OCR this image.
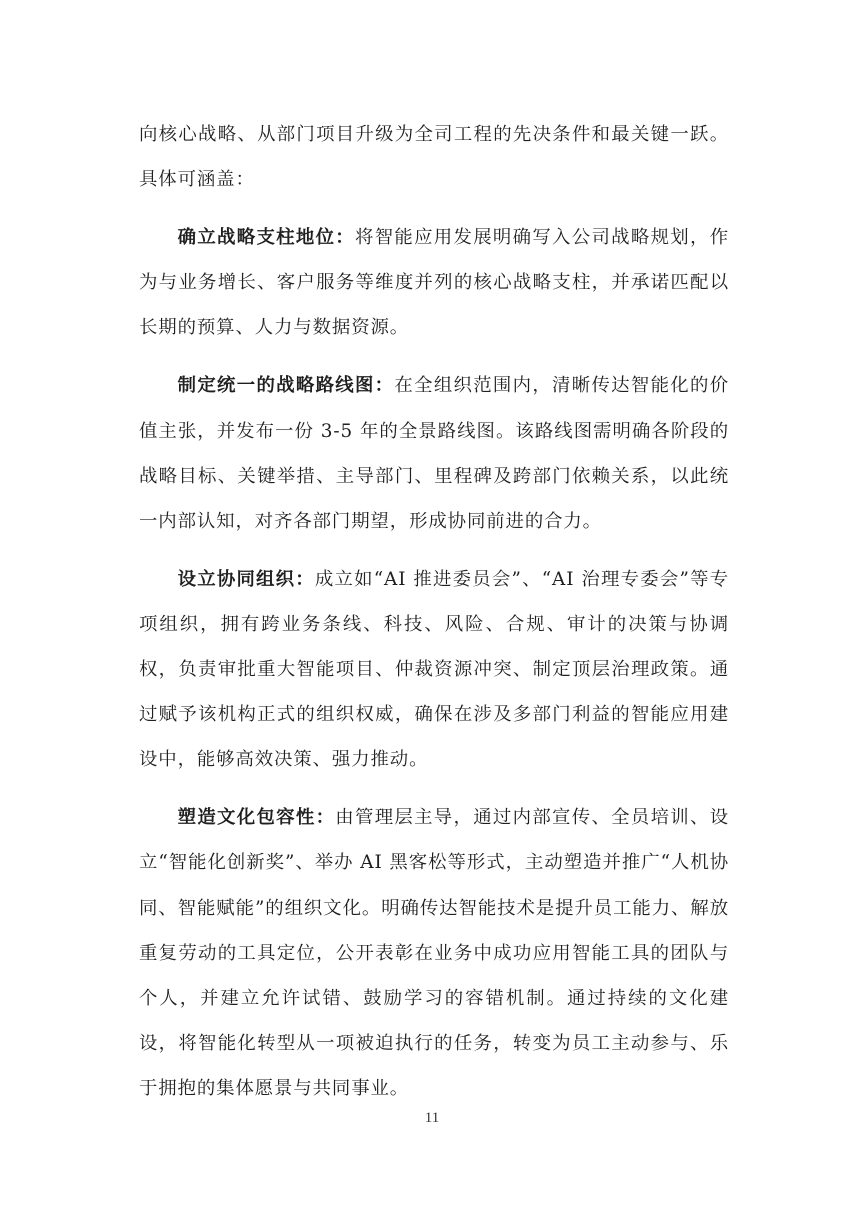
向核心战略、从部门项目升级为全司工程的先决条件和最关键一跃。具体可涵盖：

确立战略支柱地位：将智能应用发展明确写入公司战略规划，作为与业务增长、客户服务等维度并列的核心战略支柱，并承诺匹配以长期的预算、人力与数据资源。

制定统一的战略路线图：在全组织范围内，清晰传达智能化的价值主张，并发布一份 3-5 年的全景路线图。该路线图需明确各阶段的战略目标、关键举措、主导部门、里程碑及跨部门依赖关系，以此统一内部认知，对齐各部门期望，形成协同前进的合力。

设立协同组织：成立如“AI 推进委员会”、“AI 治理专委会”等专项组织，拥有跨业务条线、科技、风险、合规、审计的决策与协调权，负责审批重大智能项目、仲裁资源冲突、制定顶层治理政策。通过赋予该机构正式的组织权威，确保在涉及多部门利益的智能应用建设中，能够高效决策、强力推动。

塑造文化包容性：由管理层主导，通过内部宣传、全员培训、设立“智能化创新奖”、举办 AI 黑客松等形式，主动塑造并推广“人机协同、智能赋能”的组织文化。明确传达智能技术是提升员工能力、解放重复劳动的工具定位，公开表彰在业务中成功应用智能工具的团队与个人，并建立允许试错、鼓励学习的容错机制。通过持续的文化建设，将智能化转型从一项被迫执行的任务，转变为员工主动参与、乐于拥抱的集体愿景与共同事业。

11
